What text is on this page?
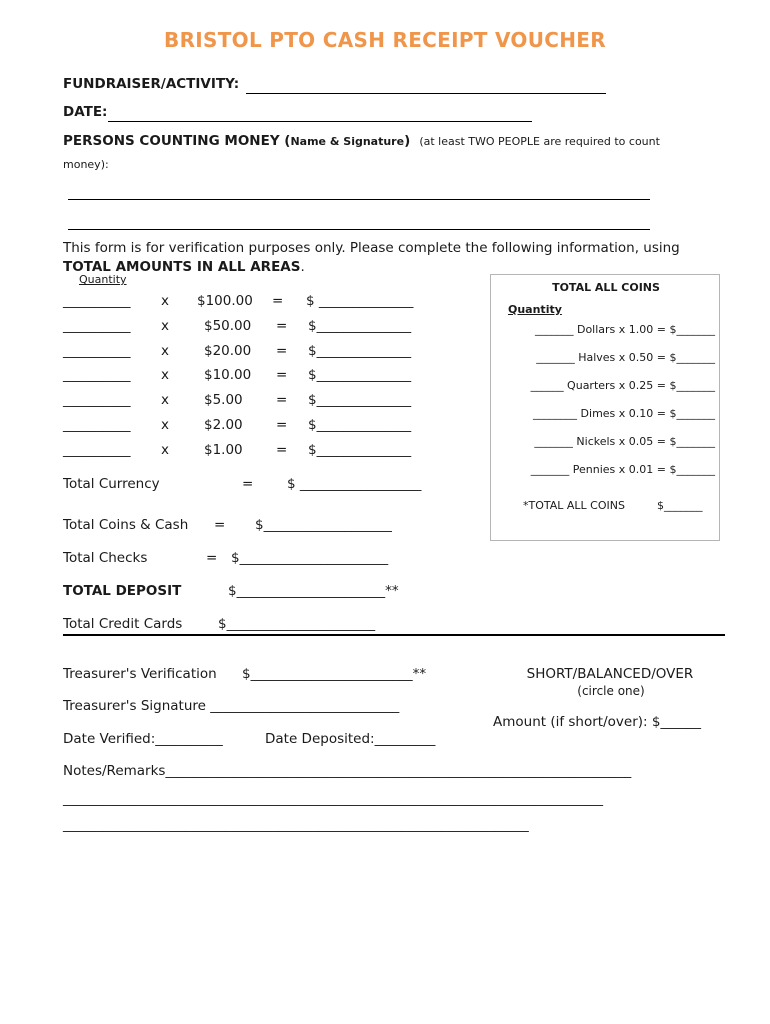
BRISTOL PTO CASH RECEIPT VOUCHER
FUNDRAISER/ACTIVITY:
DATE:
PERSONS COUNTING MONEY (Name & Signature) (at least TWO PEOPLE are required to count
money):
This form is for verification purposes only. Please complete the following information, using
TOTAL AMOUNTS IN ALL AREAS.
Quantity
__________ x $100.00 = $ ______________
__________ x	$50.00 = $______________
__________ x	$20.00 = $______________
__________ x	$10.00 = $______________
__________ x	$5.00 = $______________
__________ x	$2.00 = $______________
__________ x	$1.00 = $______________
Total Currency	= $ __________________
TOTAL ALL COINS
Quantity
_______ Dollars x 1.00 = $_______
_______ Halves x 0.50 = $_______
______ Quarters x 0.25 = $_______
________ Dimes x 0.10 = $_______
_______ Nickels x 0.05 = $_______
_______ Pennies x 0.01 = $_______
*TOTAL ALL COINS	$_______
Total Coins & Cash = $___________________
Total Checks	= $______________________
TOTAL DEPOSIT	$______________________**
Total Credit Cards	$______________________
Treasurer's Verification $________________________**
Treasurer's Signature ____________________________
Date Verified:__________	Date Deposited:_________
SHORT/BALANCED/OVER
(circle one)
Amount (if short/over): $______
Notes/Remarks_____________________________________________________________________
________________________________________________________________________________
_____________________________________________________________________
